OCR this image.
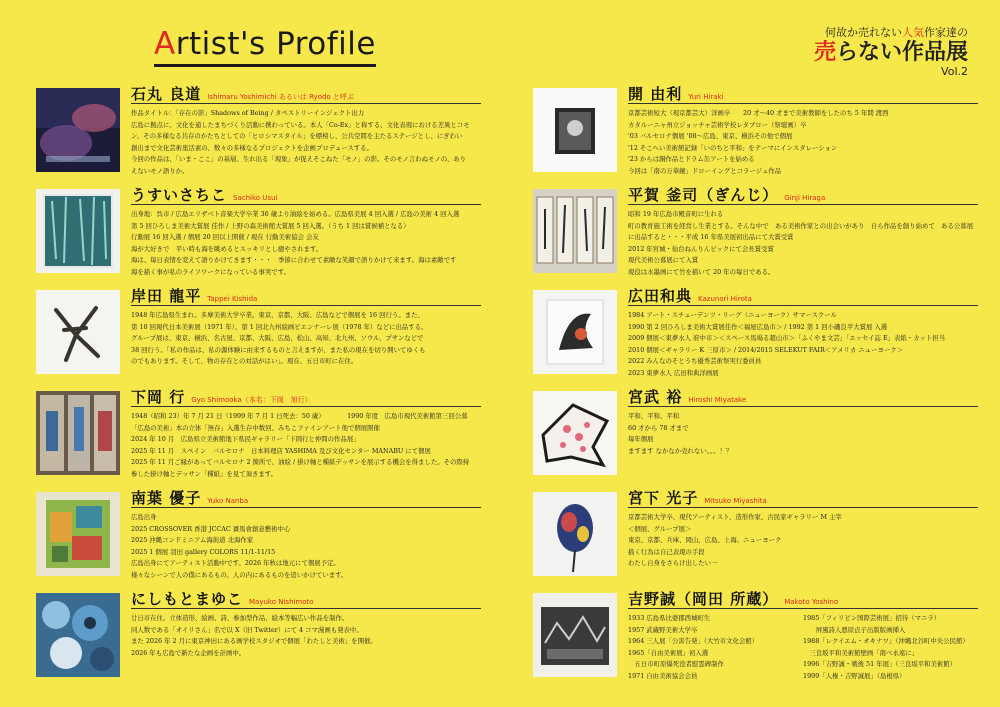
Artist's Profile	何故か売れない人気作家達の
売らない作品展
Vol.2
石丸 良道 Ishimaru Yoshimichi あるいは Ryodo と呼ぶ
作品タイトル：「存在の影」Shadows of Being / タペストリーインジェクト出力
広島に拠点に、文化を通したまちづくり活動に携わっている。本人「Co-Ex」と称する、文化表現における差異とコモ
ン、その多様なる共存のかたちとしての「ヒロシマスタイル」を標榜し、公共空間を主たるステージとし、にぎわい
創出まで文化芸術座活素の、数々の多様なるプロジェクトを企画プロデュースする。
今回の作品は、「いま・ここ」の基層、生れ出る「現象」が捉えそこねた「モノ」の影。そのモノ言わぬモノの、あり
えないモノ語りか。
うすいさちこ Sachiko Usui
出身地：呉市 / 広島エリザベト音楽大学卒業 36 歳より油絵を始める。広島県美展 4 回入選 / 広島の美術 4 回入選
第 5 回ひろしま美術大賞展 佳作 / 上野の森美術館大賞展 5 回入選。（うち 1 回は賞候補となる）
行動展 16 回入選 / 個展 20 回以上開催 / 現在 行動美術協会 会友
海が大好きで　平い時も海を眺めるとスッキリとし癒やされます。
海は、毎日表情を変えて語りかけてきます・・・　季節に合わせて素敵な笑顔で語りかけて来ます。海は素敵です
海を描く事が私のライフワークになっている事実です。
岸田 龍平 Tappei Kishida
1948 年広島県生まれ。多摩美術大学卒業。東京、京都、大阪、広島などで個展を 16 回行う。また、
第 10 回現代日本美術展（1971 年）、第 1 回北九州絵画ビエンナーレ展（1978 年）などに出品する。
グループ展は、東京、横浜、名古屋、京都、大阪、広島、松山、高知、北九州、ソウル、プサンなどで
38 回行う。「私の作品は、私の源体験に由来するものと言えますが、また私の現在を切り開いてゆくも
のでもあります。そして、物の存在との対話がはい」。現在、五日市町に在住。
下岡 行 Gyo Shimooka（本名：下岡　旭行）
1948（昭和 23）年 7 月 21 日（1999 年 7 月 1 日死去：50 歳）　　　　1990 年度　広島市現代美術館第三回公募
「広島の美術」本の立体「無存」入選生存中数回、みちこファインアート他で個展開催
2024 年 10 月　広島県立美術館地下県民ギャラリー「下岡行と仲間の作品展」
2025 年 11 月　スペイン　バルセロナ　日本料理店 YASHIMA 及び文化センター MANABU にて個展
2025 年 11 月ご縁があってバルセロナ 2 箇所で、油絵 / 掛け軸と種紙デッサンを展示する機会を得ました。その際持
参した掛け軸とデッサン「種紙」を見て頂きます。
南葉 優子 Yuko Nanba
広島出身
2025 CROSSOVER 香港 JCCAC 賽馬會創意藝術中心
2025 沖縄コンドミニアム海街道 北海作家
2025 1 個展 羽田 gallery COLORS 11/1-11/15
広島出身にてアーティスト活動中です。2026 年秋は地元にて個展予定。
様々なシーンで人の僕にあるもの、人の内にあるものを追いかけています。
にしもとまゆこ Mayuko Nishimoto
廿日市在住。立体造形、絵画、詩、参加型作品、絵本等幅広い作品を制作。
同人数である「オイリさん」名で以 X（旧 Twitter）にて 4 コマ漫画も発表中。
また 2026 年 2 月に東京神田にある画学校スタジオで個展「わたしと美術」を開催。
2026 年も広島で新たな企画を計画中。
開 由利 Yuri Hiraki
京都芸術短大（現京都芸大）洋画卒　　20 才〜40 才まで美術教師をしたのち 5 年間 渡西
カタルーニャ州立ジョッチャ芸術学校レタブロー（祭壇画）卒
'03 バルセロナ個展 '08〜広島、東京、横浜その他で個展
'12 そこへい美術館記録「いのちと平和」をテーマにインスタレーション
'23 からは銅作品とドラム缶アートを始める
今回は「南の万華鏡」ドローイングとコラージュ作品
平賀 釜司（ぎんじ） Ginji Hiraga
昭和 19 年広島市殿音町に生れる
町の教育施工術を経営し生業とする。そんな中で　ある美術作家との出会いがあり　自ら作品を創り始めて　ある公募展
に出品すると・・・平成 16 年県美展初出品にて大賞受賞
2012 年宮城・仙台ねんりんピックにて会長賞受賞
現代美術公募展にて入賞
現役は水墨画にて竹を描いて 20 年の毎日である。
広田和典 Kazunori Hirota
1984 アート・スチューデンツ・リーグ（ニューヨーク）サマースクール
1990 第 2 回ひろしま美術大賞展佳作＜福屋広島市＞ / 1992 第 1 回小磯良平大賞展 入選
2009 個展＜東夢水人 府中市＞＜スペース馬場る超山市＞「ふくやま文芸」「エッセイ誌 E」表紙・カット担当
2010 個展＜ギャラリー K 三原市＞ / 2014/2015 SELEKUT FAIR＜アメリカ ニューヨーク＞
2022 みんなのそとうち優秀芸術祭実行委員員
2023 東夢水人 広田和典洋画展
宮武 裕 Hiroshi Miyatake
平和、平和、平和
60 才から 78 才まで
毎年個展
ますます なかなか売れない。。。！？
宮下 光子 Mitsuko Miyashita
京都芸術大学卒、現代アーティスト、造形作家、古民家ギャラリー M 主宰
＜個展、グループ展＞
東京、京都、兵庫、岡山、広島、上海、ニューヨーク
描く行為は自己表現の手段
わたし自身をさらけ出したい一
吉野誠（岡田 所蔵） Makoto Yoshino
1933 広島県比婆郡西城町生
1957 武蔵野美術大学卒
1964 三人展「公害告発」（大竹市文化会館）
1965「自由美術展」初入選
　五日市町原爆死没者慰霊碑制作
1971 自由美術協会会員
1985「フィリピン国際芸術展」招待（マニラ）
　　屏風詩人悪原貞子出版版画挿入
1988「レクイエム・オキナワ」（沖縄北谷町中央公民館）
　三良坂平和美術館壁画「南べ永遠に」
1996「吉野誠・戦後 51 年展」（三良坂平和美術館）
1999「人権・吉野誠展」（島根県）
